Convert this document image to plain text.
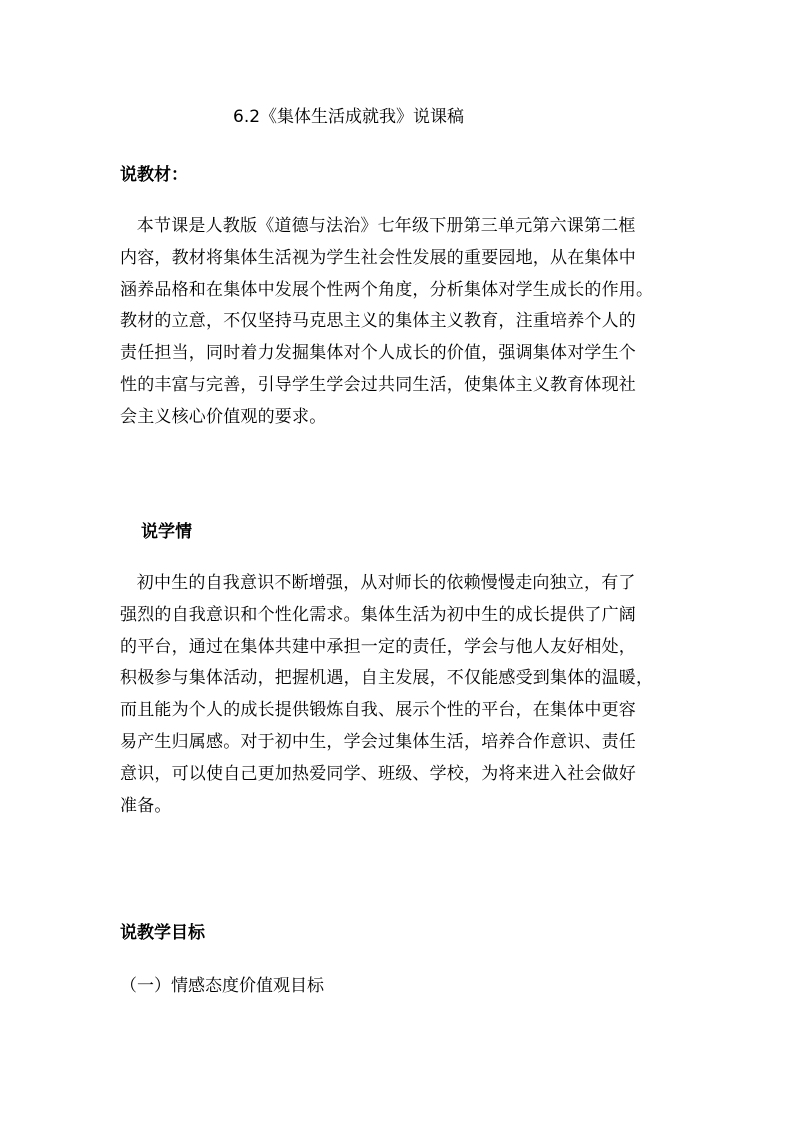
6.2《集体生活成就我》说课稿
说教材：
本节课是人教版《道德与法治》七年级下册第三单元第六课第二框
内容，教材将集体生活视为学生社会性发展的重要园地，从在集体中
涵养品格和在集体中发展个性两个角度，分析集体对学生成长的作用。
教材的立意，不仅坚持马克思主义的集体主义教育，注重培养个人的
责任担当，同时着力发掘集体对个人成长的价值，强调集体对学生个
性的丰富与完善，引导学生学会过共同生活，使集体主义教育体现社
会主义核心价值观的要求。
说学情
初中生的自我意识不断增强，从对师长的依赖慢慢走向独立，有了
强烈的自我意识和个性化需求。集体生活为初中生的成长提供了广阔
的平台，通过在集体共建中承担一定的责任，学会与他人友好相处，
积极参与集体活动，把握机遇，自主发展，不仅能感受到集体的温暖，
而且能为个人的成长提供锻炼自我、展示个性的平台，在集体中更容
易产生归属感。对于初中生，学会过集体生活，培养合作意识、责任
意识，可以使自己更加热爱同学、班级、学校，为将来进入社会做好
准备。
说教学目标
（一）情感态度价值观目标
